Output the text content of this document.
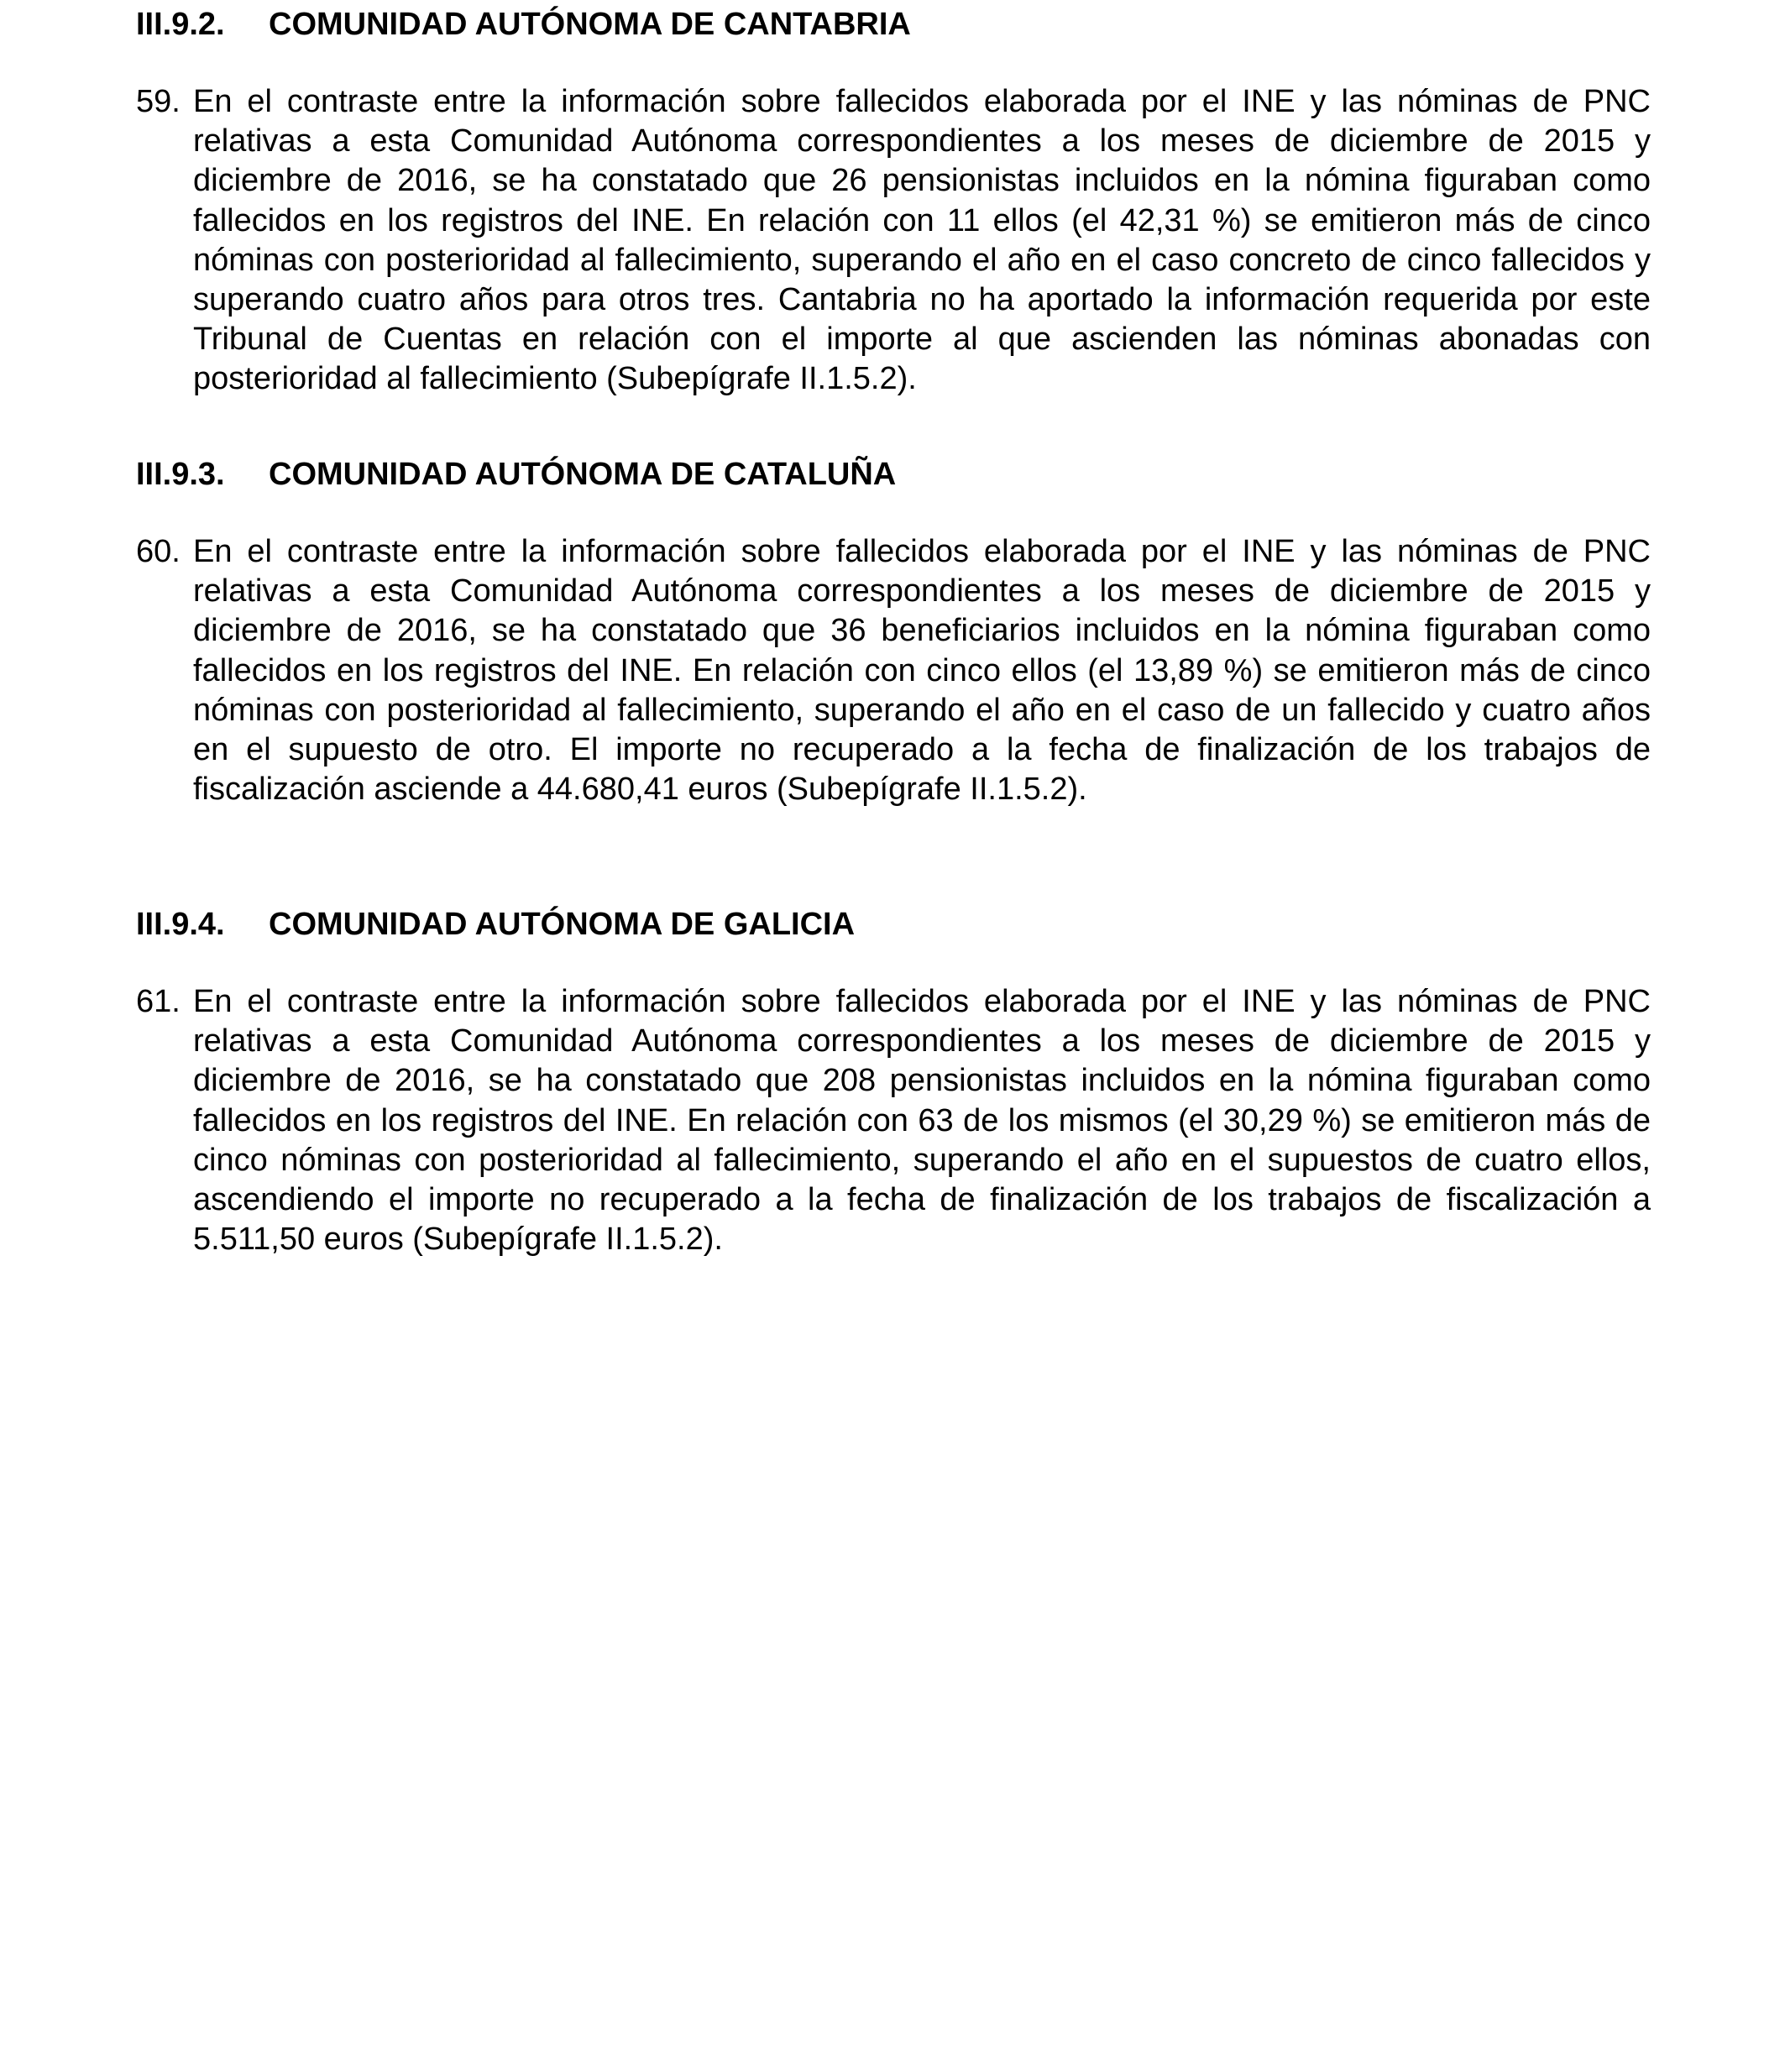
III.9.2. COMUNIDAD AUTÓNOMA DE CANTABRIA
59. En el contraste entre la información sobre fallecidos elaborada por el INE y las nóminas de PNC relativas a esta Comunidad Autónoma correspondientes a los meses de diciembre de 2015 y diciembre de 2016, se ha constatado que 26 pensionistas incluidos en la nómina figuraban como fallecidos en los registros del INE. En relación con 11 ellos (el 42,31 %) se emitieron más de cinco nóminas con posterioridad al fallecimiento, superando el año en el caso concreto de cinco fallecidos y superando cuatro años para otros tres. Cantabria no ha aportado la información requerida por este Tribunal de Cuentas en relación con el importe al que ascienden las nóminas abonadas con posterioridad al fallecimiento (Subepígrafe II.1.5.2).
III.9.3. COMUNIDAD AUTÓNOMA DE CATALUÑA
60. En el contraste entre la información sobre fallecidos elaborada por el INE y las nóminas de PNC relativas a esta Comunidad Autónoma correspondientes a los meses de diciembre de 2015 y diciembre de 2016, se ha constatado que 36 beneficiarios incluidos en la nómina figuraban como fallecidos en los registros del INE. En relación con cinco ellos (el 13,89 %) se emitieron más de cinco nóminas con posterioridad al fallecimiento, superando el año en el caso de un fallecido y cuatro años en el supuesto de otro. El importe no recuperado a la fecha de finalización de los trabajos de fiscalización asciende a 44.680,41 euros (Subepígrafe II.1.5.2).
III.9.4. COMUNIDAD AUTÓNOMA DE GALICIA
61. En el contraste entre la información sobre fallecidos elaborada por el INE y las nóminas de PNC relativas a esta Comunidad Autónoma correspondientes a los meses de diciembre de 2015 y diciembre de 2016, se ha constatado que 208 pensionistas incluidos en la nómina figuraban como fallecidos en los registros del INE. En relación con 63 de los mismos (el 30,29 %) se emitieron más de cinco nóminas con posterioridad al fallecimiento, superando el año en el supuestos de cuatro ellos, ascendiendo el importe no recuperado a la fecha de finalización de los trabajos de fiscalización a 5.511,50 euros (Subepígrafe II.1.5.2).
